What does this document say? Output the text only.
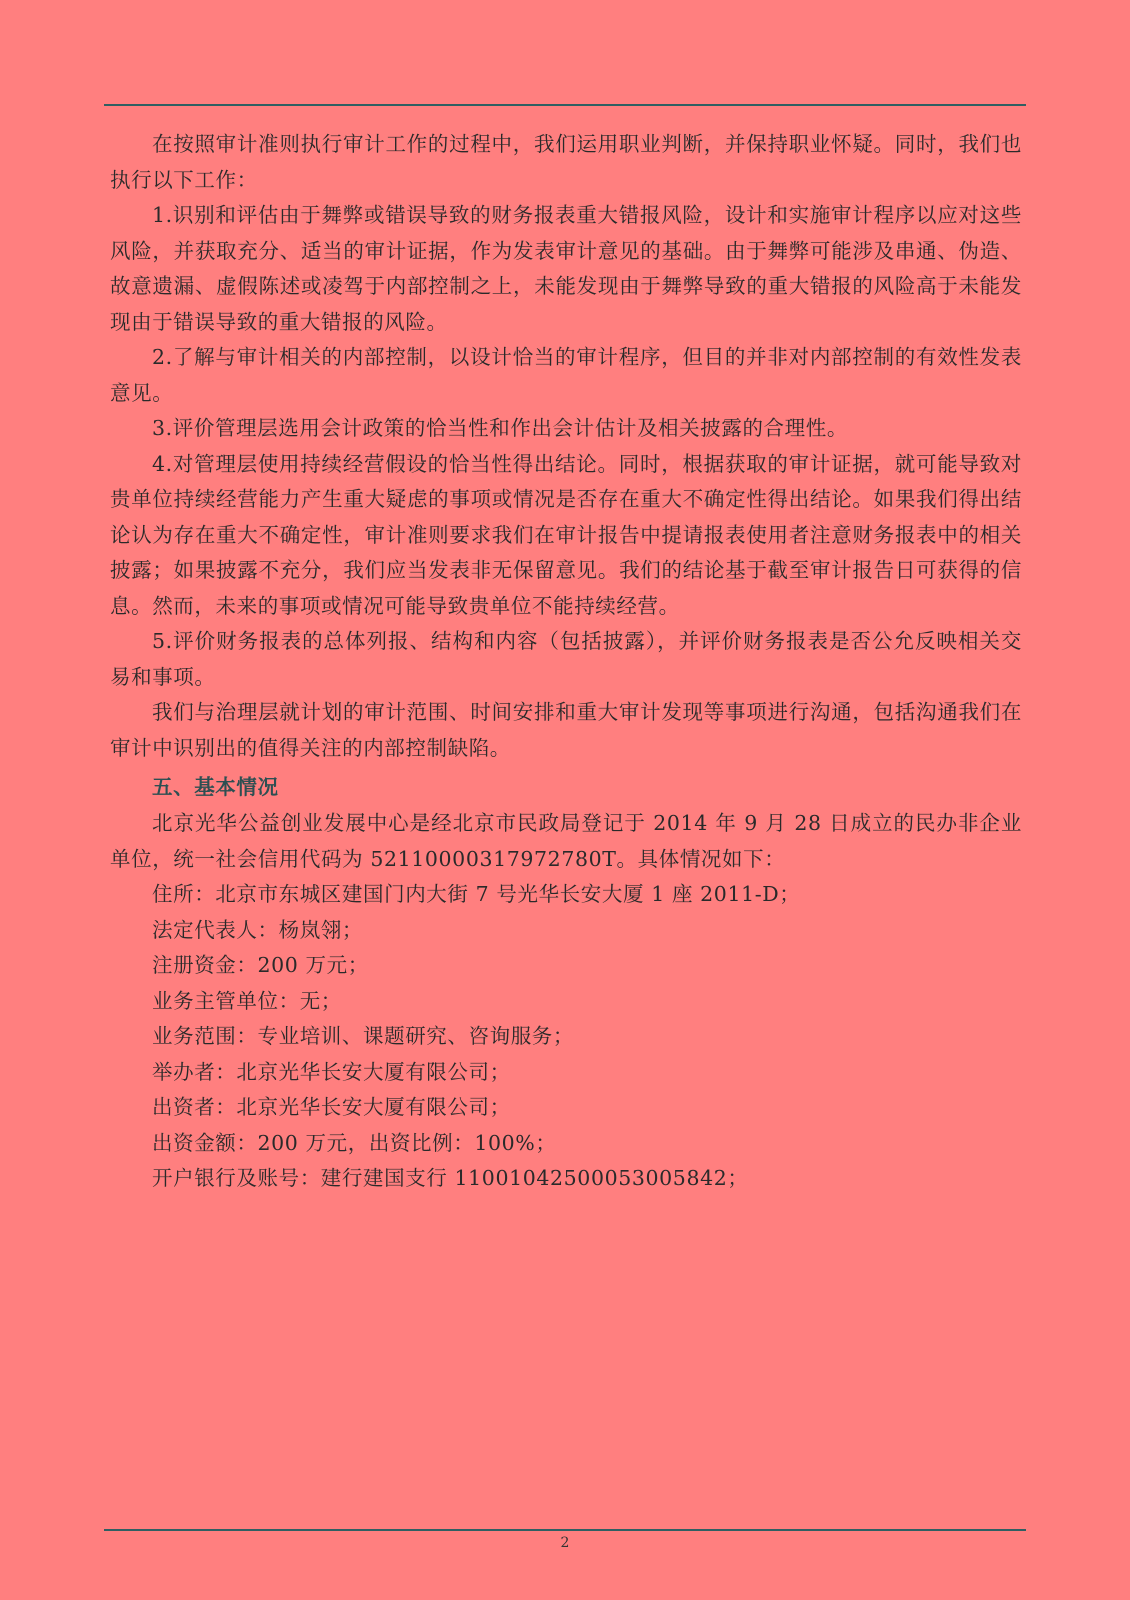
在按照审计准则执行审计工作的过程中，我们运用职业判断，并保持职业怀疑。同时，我们也执行以下工作：

1.识别和评估由于舞弊或错误导致的财务报表重大错报风险，设计和实施审计程序以应对这些风险，并获取充分、适当的审计证据，作为发表审计意见的基础。由于舞弊可能涉及串通、伪造、故意遗漏、虚假陈述或凌驾于内部控制之上，未能发现由于舞弊导致的重大错报的风险高于未能发现由于错误导致的重大错报的风险。

2.了解与审计相关的内部控制，以设计恰当的审计程序，但目的并非对内部控制的有效性发表意见。

3.评价管理层选用会计政策的恰当性和作出会计估计及相关披露的合理性。

4.对管理层使用持续经营假设的恰当性得出结论。同时，根据获取的审计证据，就可能导致对贵单位持续经营能力产生重大疑虑的事项或情况是否存在重大不确定性得出结论。如果我们得出结论认为存在重大不确定性，审计准则要求我们在审计报告中提请报表使用者注意财务报表中的相关披露；如果披露不充分，我们应当发表非无保留意见。我们的结论基于截至审计报告日可获得的信息。然而，未来的事项或情况可能导致贵单位不能持续经营。

5.评价财务报表的总体列报、结构和内容（包括披露），并评价财务报表是否公允反映相关交易和事项。

我们与治理层就计划的审计范围、时间安排和重大审计发现等事项进行沟通，包括沟通我们在审计中识别出的值得关注的内部控制缺陷。

五、基本情况

北京光华公益创业发展中心是经北京市民政局登记于 2014 年 9 月 28 日成立的民办非企业单位，统一社会信用代码为 52110000317972780T。具体情况如下：

住所：北京市东城区建国门内大街 7 号光华长安大厦 1 座 2011-D；

法定代表人：杨岚翎；

注册资金：200 万元；

业务主管单位：无；

业务范围：专业培训、课题研究、咨询服务；

举办者：北京光华长安大厦有限公司；

出资者：北京光华长安大厦有限公司；

出资金额：200 万元，出资比例：100%；

开户银行及账号：建行建国支行 11001042500053005842；

2
